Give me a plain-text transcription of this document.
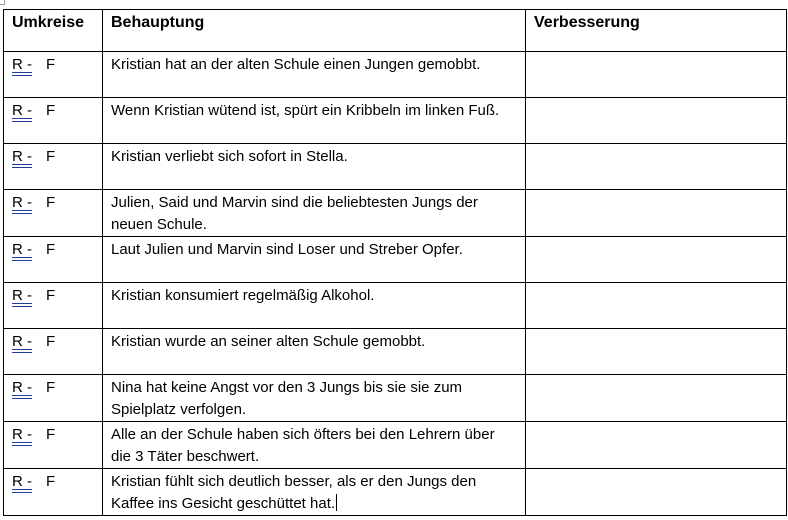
Umkreise	Behauptung	Verbesserung
R - F	Kristian hat an der alten Schule einen Jungen gemobbt.	
R - F	Wenn Kristian wütend ist, spürt ein Kribbeln im linken Fuß.	
R - F	Kristian verliebt sich sofort in Stella.	
R - F	Julien, Said und Marvin sind die beliebtesten Jungs der neuen Schule.	
R - F	Laut Julien und Marvin sind Loser und Streber Opfer.	
R - F	Kristian konsumiert regelmäßig Alkohol.	
R - F	Kristian wurde an seiner alten Schule gemobbt.	
R - F	Nina hat keine Angst vor den 3 Jungs bis sie sie zum Spielplatz verfolgen.	
R - F	Alle an der Schule haben sich öfters bei den Lehrern über die 3 Täter beschwert.	
R - F	Kristian fühlt sich deutlich besser, als er den Jungs den Kaffee ins Gesicht geschüttet hat.	
